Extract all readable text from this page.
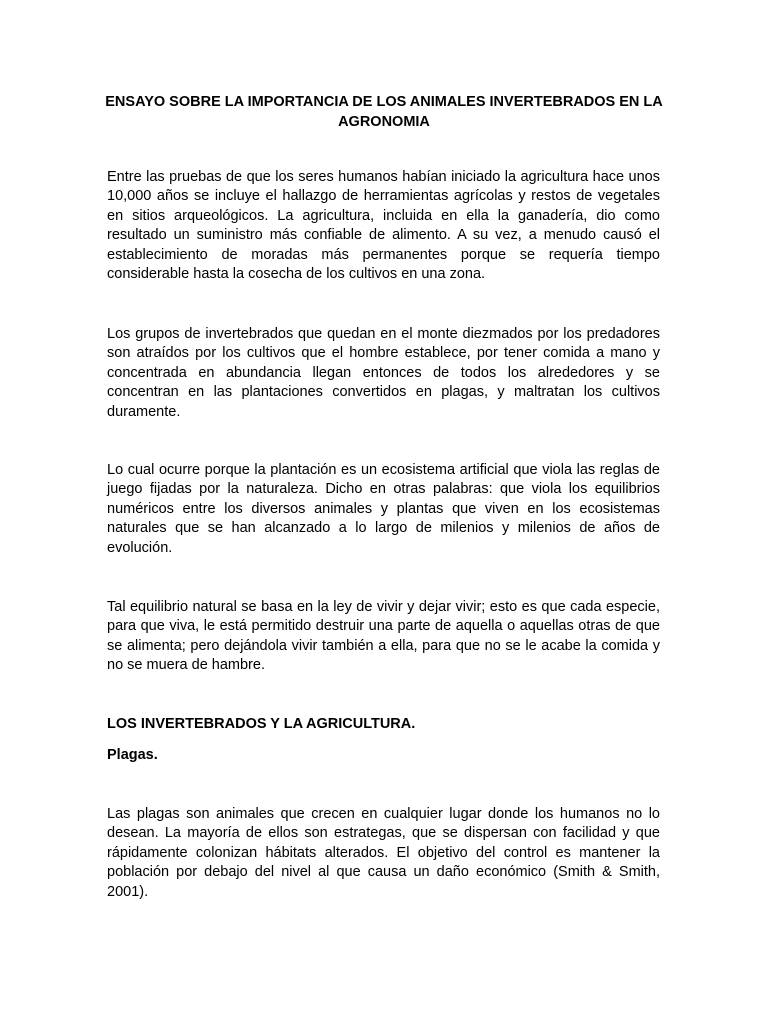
ENSAYO SOBRE LA IMPORTANCIA DE LOS ANIMALES INVERTEBRADOS EN LA AGRONOMIA

Entre las pruebas de que los seres humanos habían iniciado la agricultura hace unos 10,000 años se incluye el hallazgo de herramientas agrícolas y restos de vegetales en sitios arqueológicos. La agricultura, incluida en ella la ganadería, dio como resultado un suministro más confiable de alimento. A su vez, a menudo causó el establecimiento de moradas más permanentes porque se requería tiempo considerable hasta la cosecha de los cultivos en una zona.

Los grupos de invertebrados que quedan en el monte diezmados por los predadores son atraídos por los cultivos que el hombre establece, por tener comida a mano y concentrada en abundancia llegan entonces de todos los alrededores y se concentran en las plantaciones convertidos en plagas, y maltratan los cultivos duramente.

Lo cual ocurre porque la plantación es un ecosistema artificial que viola las reglas de juego fijadas por la naturaleza. Dicho en otras palabras: que viola los equilibrios numéricos entre los diversos animales y plantas que viven en los ecosistemas naturales que se han alcanzado a lo largo de milenios y milenios de años de evolución.

Tal equilibrio natural se basa en la ley de vivir y dejar vivir; esto es que cada especie, para que viva, le está permitido destruir una parte de aquella o aquellas otras de que se alimenta; pero dejándola vivir también a ella, para que no se le acabe la comida y no se muera de hambre.

LOS INVERTEBRADOS Y LA AGRICULTURA.
Plagas.

Las plagas son animales que crecen en cualquier lugar donde los humanos no lo desean. La mayoría de ellos son estrategas, que se dispersan con facilidad y que rápidamente colonizan hábitats alterados. El objetivo del control es mantener la población por debajo del nivel al que causa un daño económico (Smith & Smith, 2001).
